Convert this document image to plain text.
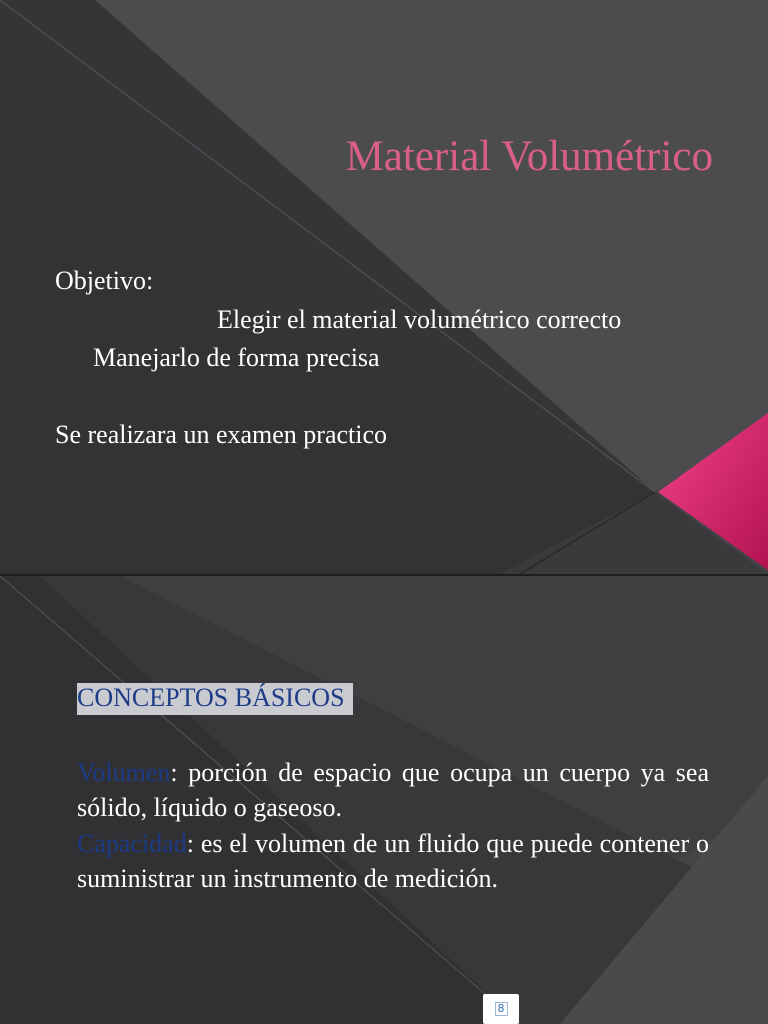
Material Volumétrico

Objetivo:

Elegir el material volumétrico correcto

Manejarlo de forma precisa

Se realizara un examen practico

CONCEPTOS BÁSICOS

Volumen: porción de espacio que ocupa un cuerpo ya sea sólido, líquido o gaseoso.

Capacidad: es el volumen de un fluido que puede contener o suministrar un instrumento de medición.

8
